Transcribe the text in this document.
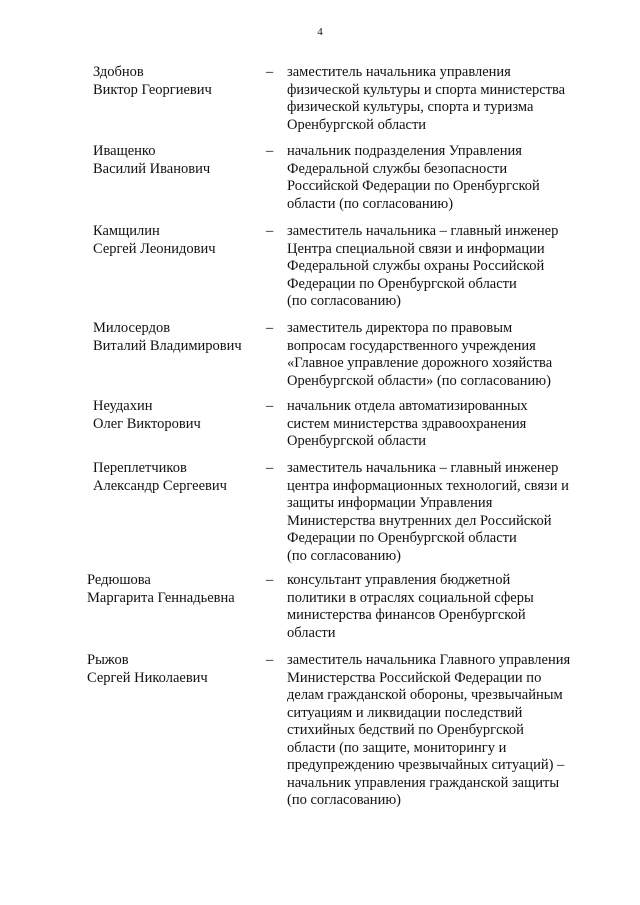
4
Здобнов
Виктор Георгиевич
– заместитель начальника управления
физической культуры и спорта министерства
физической культуры, спорта и туризма
Оренбургской области
Иващенко
Василий Иванович
– начальник подразделения Управления
Федеральной службы безопасности
Российской Федерации по Оренбургской
области (по согласованию)
Камщилин
Сергей Леонидович
– заместитель начальника – главный инженер
Центра специальной связи и информации
Федеральной службы охраны Российской
Федерации по Оренбургской области
(по согласованию)
Милосердов
Виталий Владимирович
– заместитель директора по правовым
вопросам государственного учреждения
«Главное управление дорожного хозяйства
Оренбургской области» (по согласованию)
Неудахин
Олег Викторович
– начальник отдела автоматизированных
систем министерства здравоохранения
Оренбургской области
Переплетчиков
Александр Сергеевич
– заместитель начальника – главный инженер
центра информационных технологий, связи и
защиты информации Управления
Министерства внутренних дел Российской
Федерации по Оренбургской области
(по согласованию)
Редюшова
Маргарита Геннадьевна
– консультант управления бюджетной
политики в отраслях социальной сферы
министерства финансов Оренбургской
области
Рыжов
Сергей Николаевич
– заместитель начальника Главного управления
Министерства Российской Федерации по
делам гражданской обороны, чрезвычайным
ситуациям и ликвидации последствий
стихийных бедствий по Оренбургской
области (по защите, мониторингу и
предупреждению чрезвычайных ситуаций) –
начальник управления гражданской защиты
(по согласованию)
